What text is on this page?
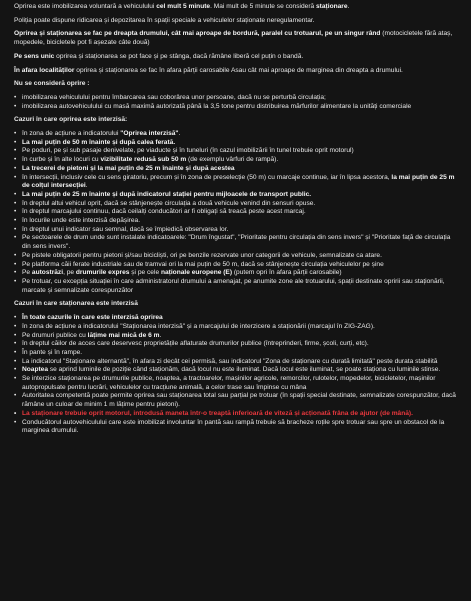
Oprirea este imobilizarea voluntară a vehiculului cel mult 5 minute. Mai mult de 5 minute se consideră staționare.

Poliția poate dispune ridicarea și depozitarea în spații speciale a vehiculelor staționate neregulamentar.

Oprirea și staționarea se fac pe dreapta drumului, cât mai aproape de bordură, paralel cu trotuarul, pe un singur rând (motocicletele fără ataș, mopedele, bicicletele pot fi așezate câte două)

Pe sens unic oprirea și staționarea se pot face și pe stânga, dacă rămâne liberă cel puțin o bandă.

În afara localităților oprirea și staționarea se fac în afara părții carosabile Asau cât mai aproape de marginea din dreapta a drumului.

Nu se consideră oprire :
• imobilizarea vehiculului pentru îmbarcarea sau coborârea unor persoane, dacă nu se perturbă circulația;
• imobilizarea autovehiculului cu masă maximă autorizată până la 3,5 tone pentru distribuirea mărfurilor alimentare la unități comerciale
Cazuri în care oprirea este interzisă:
• în zona de acțiune a indicatorului "Oprirea interzisă".
• La mai puțin de 50 m înainte și după calea ferată.
• Pe poduri, pe și sub pasaje denivelate, pe viaducte și în tuneluri (în cazul imobilizării în tunel trebuie oprit motorul)
• în curbe și în alte locuri cu vizibilitate redusă sub 50 m (de exemplu vârfuri de rampă).
• La trecerei de pietoni și la mai puțin de 25 m înainte și după acestea
• în intersecții, inclusiv cele cu sens giratoriu, precum și în zona de preselecție (50 m) cu marcaje continue, iar în lipsa acestora, la mai puțin de 25 m de colțul intersecției.
• La mai puțin de 25 m înainte și după indicatorul stației pentru mijloacele de transport public.
• în dreptul altui vehicul oprit, dacă se stânjenește circulația a două vehicule venind din sensuri opuse.
• în dreptul marcajului continuu, dacă ceilalți conducători ar fi obligați să treacă peste acest marcaj.
• în locurile unde este interzisă depășirea.
• în dreptul unui indicator sau semnal, dacă se împiedică observarea lor.
• Pe sectoarele de drum unde sunt instalate indicatoarele: "Drum îngustat", "Prioritate pentru circulația din sens invers" și "Prioritate față de circulația din sens invers".
• Pe pistele obligatorii pentru pietoni și/sau bicicliști, ori pe benzile rezervate unor categorii de vehicule, semnalizate ca atare.
• Pe platforma căii ferate industriale sau de tramvai ori la mai puțin de 50 m, dacă se stânjenește circulația vehiculelor pe șine
• Pe autostrăzi, pe drumurile expres și pe cele naționale europene (E) (putem opri în afara părții carosabile)
• Pe trotuar, cu excepția situației în care administratorul drumului a amenajat, pe anumite zone ale trotuarului, spații destinate opririi sau staționării, marcate și semnalizate corespunzător
Cazuri în care staționarea este interzisă
• În toate cazurile în care este interzisă oprirea
• în zona de acțiune a indicatorului "Staționarea interzisă" și a marcajului de interzicere a staționării (marcajul în ZIG-ZAG).
• Pe drumuri publice cu lățime mai mică de 6 m.
• în dreptul căilor de acces care deservesc proprietățile aflaturate drumurilor publice (întreprinderi, firme, școli, curți, etc).
• În pante și în rampe.
• La indicatorul "Staționare alternantă", în afara zi decât cei permisă, sau indicatorul "Zona de staționare cu durată limitată" peste durata stabilită
• Noaptea se aprind luminile de poziție când staționăm, dacă locul nu este iluminat. Dacă locul este iluminat, se poate staționa cu luminile stinse.
• Se interzice staționarea pe drumurile publice, noaptea, a tractoarelor, mașinilor agricole, remorcilor, rulotelor, mopedelor, bicicletelor, mașinilor autopropulsate pentru lucrări, vehiculelor cu tracțiune animală, a celor trase sau împinse cu mâna
• Autoritatea competentă poate permite oprirea sau staționarea total sau parțial pe trotuar (în spații special destinate, semnalizate corespunzător, dacă rămâne un culoar de minim 1 m lățime pentru pietoni).
• La staționare trebuie oprit motorul, introdusă maneta într-o treaptă inferioară de viteză și acționată frâna de ajutor (de mână).
• Conducătorul autovehiculului care este imobilizat involuntar în pantă sau rampă trebuie să bracheze roțile spre trotuar sau spre un obstacol de la marginea drumului.
